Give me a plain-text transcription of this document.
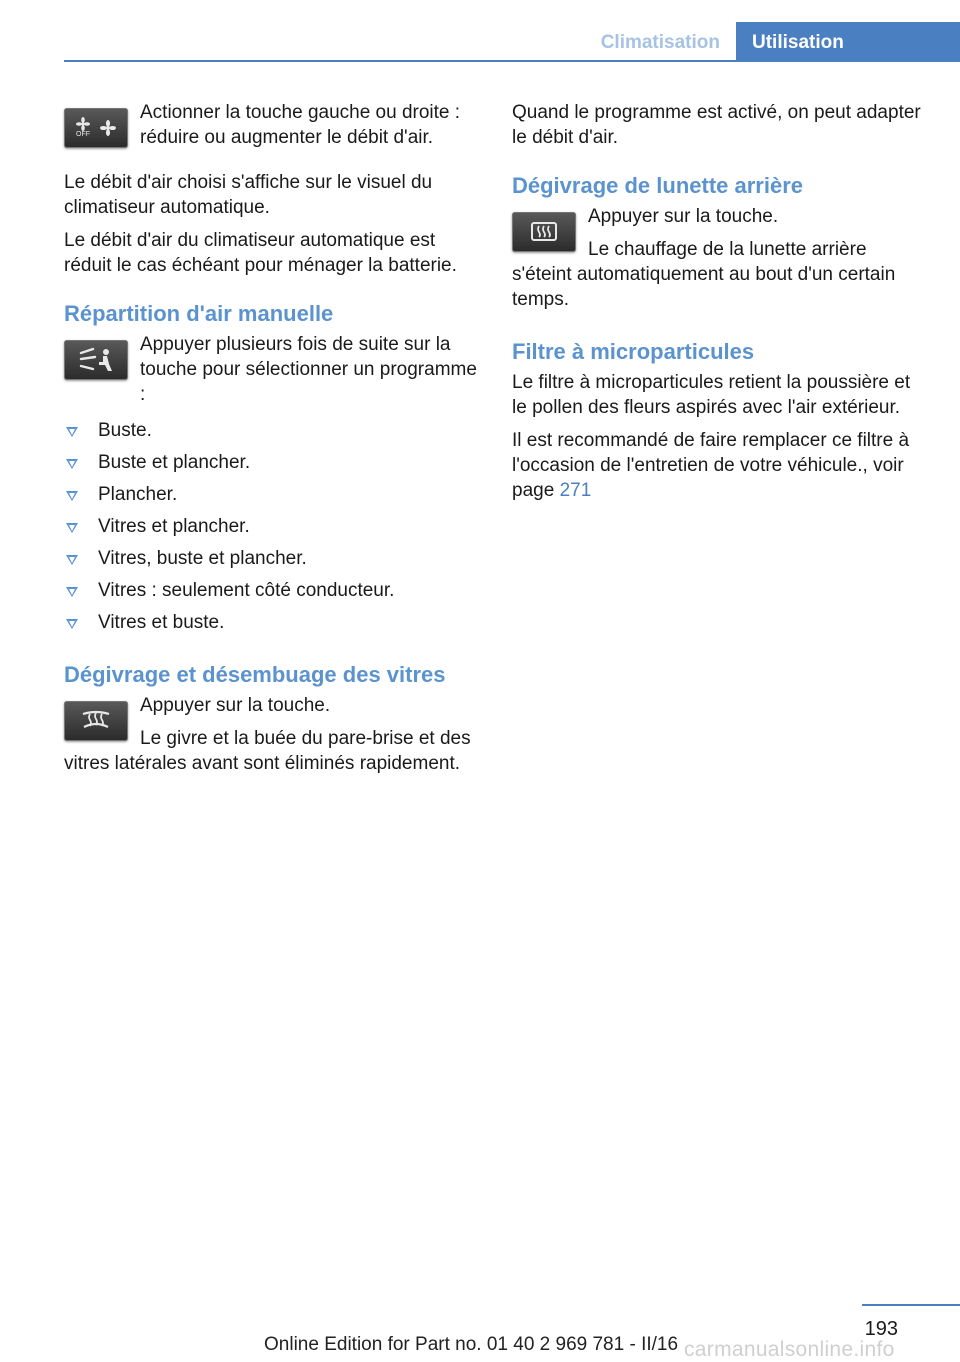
Climatisation	Utilisation
OFF

Actionner la touche gauche ou droite : réduire ou augmenter le débit d'air.

Le débit d'air choisi s'affiche sur le visuel du climatiseur automatique.

Le débit d'air du climatiseur automatique est réduit le cas échéant pour ménager la batterie.

Répartition d'air manuelle

Appuyer plusieurs fois de suite sur la touche pour sélectionner un programme :

Buste.
Buste et plancher.
Plancher.
Vitres et plancher.
Vitres, buste et plancher.
Vitres : seulement côté conducteur.
Vitres et buste.
Dégivrage et désembuage des vitres

Appuyer sur la touche.

Le givre et la buée du pare-brise et des vitres latérales avant sont éliminés rapidement.

Quand le programme est activé, on peut adapter le débit d'air.

Dégivrage de lunette arrière

Appuyer sur la touche.

Le chauffage de la lunette arrière s'éteint automatiquement au bout d'un certain temps.

Filtre à microparticules

Le filtre à microparticules retient la poussière et le pollen des fleurs aspirés avec l'air extérieur.

Il est recommandé de faire remplacer ce filtre à l'occasion de l'entretien de votre véhicule., voir page 271

193
Online Edition for Part no. 01 40 2 969 781 - II/16 carmanualsonline.info
